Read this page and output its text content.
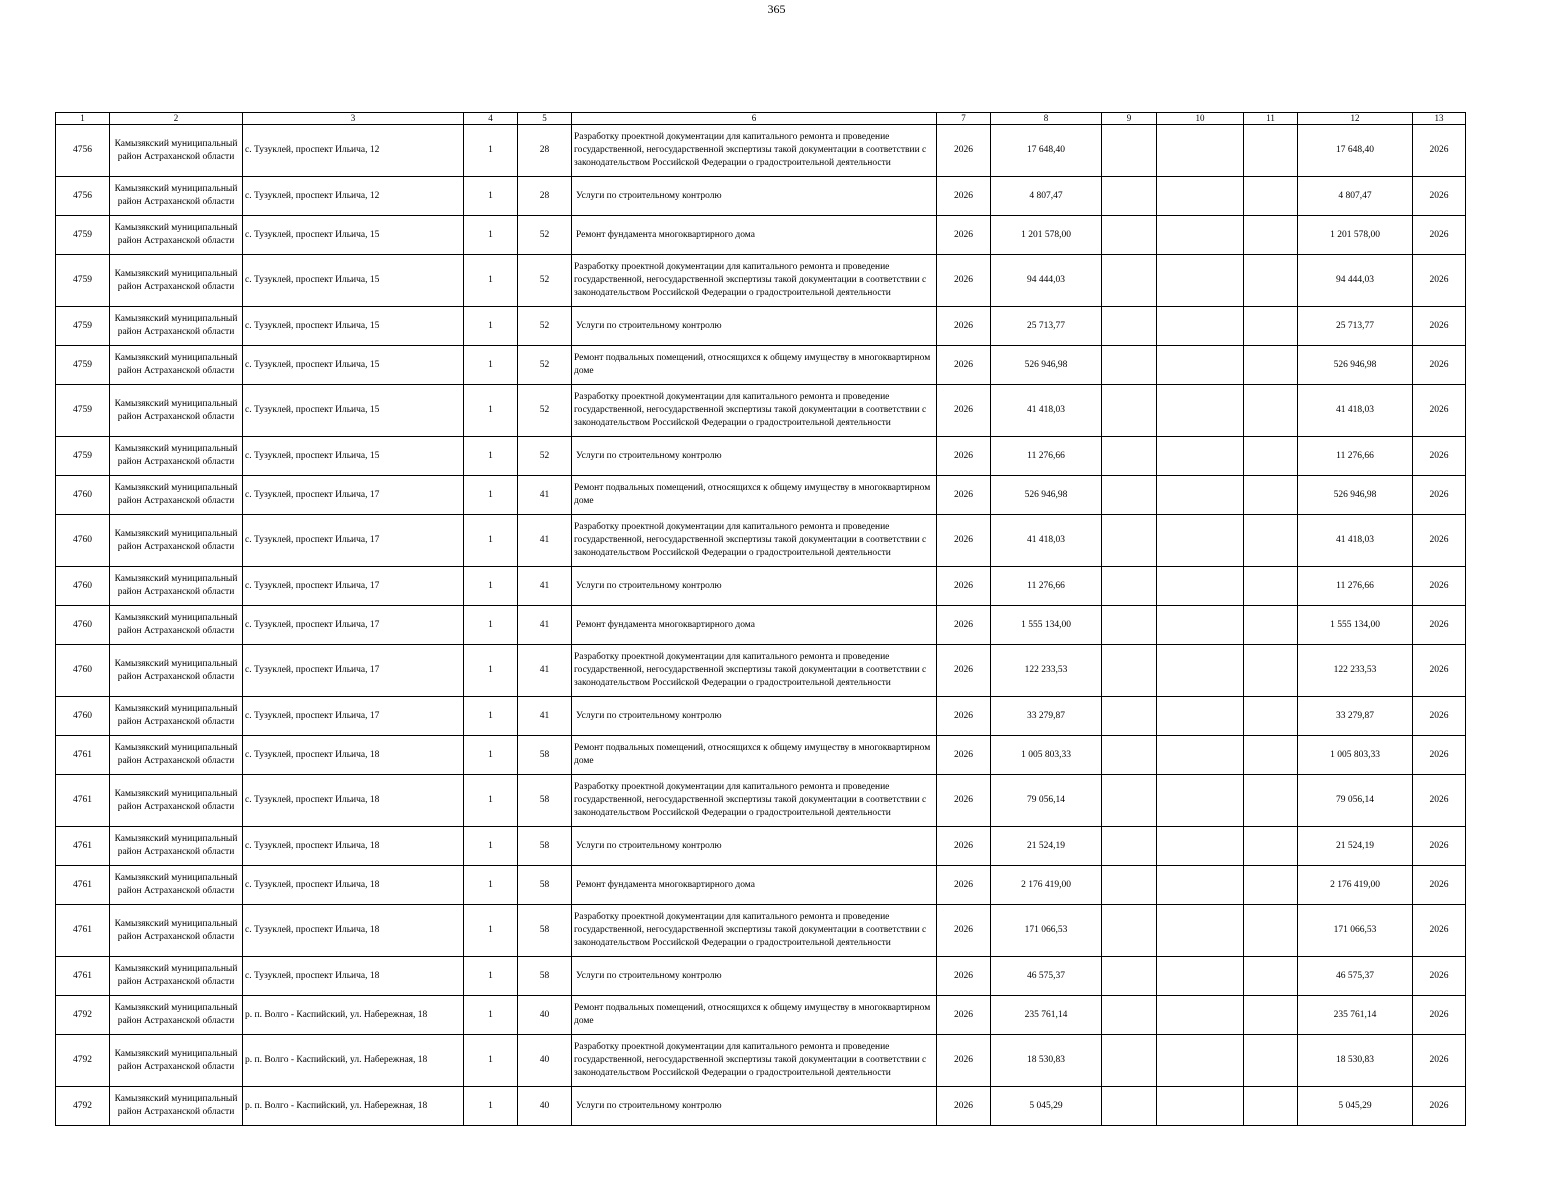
365
1	2	3	4	5	6	7	8	9	10	11	12	13
4756	Камызякский муниципальный район Астраханской области	с. Тузуклей, проспект Ильича, 12	1	28	Разработку проектной документации для капитального ремонта и проведение государственной, негосударственной экспертизы такой документации в соответствии с законодательством Российской Федерации о градостроительной деятельности	2026	17 648,40				17 648,40	2026
4756	Камызякский муниципальный район Астраханской области	с. Тузуклей, проспект Ильича, 12	1	28	Услуги по строительному контролю	2026	4 807,47				4 807,47	2026
4759	Камызякский муниципальный район Астраханской области	с. Тузуклей, проспект Ильича, 15	1	52	Ремонт фундамента многоквартирного дома	2026	1 201 578,00				1 201 578,00	2026
4759	Камызякский муниципальный район Астраханской области	с. Тузуклей, проспект Ильича, 15	1	52	Разработку проектной документации для капитального ремонта и проведение государственной, негосударственной экспертизы такой документации в соответствии с законодательством Российской Федерации о градостроительной деятельности	2026	94 444,03				94 444,03	2026
4759	Камызякский муниципальный район Астраханской области	с. Тузуклей, проспект Ильича, 15	1	52	Услуги по строительному контролю	2026	25 713,77				25 713,77	2026
4759	Камызякский муниципальный район Астраханской области	с. Тузуклей, проспект Ильича, 15	1	52	Ремонт подвальных помещений, относящихся к общему имуществу в многоквартирном доме	2026	526 946,98				526 946,98	2026
4759	Камызякский муниципальный район Астраханской области	с. Тузуклей, проспект Ильича, 15	1	52	Разработку проектной документации для капитального ремонта и проведение государственной, негосударственной экспертизы такой документации в соответствии с законодательством Российской Федерации о градостроительной деятельности	2026	41 418,03				41 418,03	2026
4759	Камызякский муниципальный район Астраханской области	с. Тузуклей, проспект Ильича, 15	1	52	Услуги по строительному контролю	2026	11 276,66				11 276,66	2026
4760	Камызякский муниципальный район Астраханской области	с. Тузуклей, проспект Ильича, 17	1	41	Ремонт подвальных помещений, относящихся к общему имуществу в многоквартирном доме	2026	526 946,98				526 946,98	2026
4760	Камызякский муниципальный район Астраханской области	с. Тузуклей, проспект Ильича, 17	1	41	Разработку проектной документации для капитального ремонта и проведение государственной, негосударственной экспертизы такой документации в соответствии с законодательством Российской Федерации о градостроительной деятельности	2026	41 418,03				41 418,03	2026
4760	Камызякский муниципальный район Астраханской области	с. Тузуклей, проспект Ильича, 17	1	41	Услуги по строительному контролю	2026	11 276,66				11 276,66	2026
4760	Камызякский муниципальный район Астраханской области	с. Тузуклей, проспект Ильича, 17	1	41	Ремонт фундамента многоквартирного дома	2026	1 555 134,00				1 555 134,00	2026
4760	Камызякский муниципальный район Астраханской области	с. Тузуклей, проспект Ильича, 17	1	41	Разработку проектной документации для капитального ремонта и проведение государственной, негосударственной экспертизы такой документации в соответствии с законодательством Российской Федерации о градостроительной деятельности	2026	122 233,53				122 233,53	2026
4760	Камызякский муниципальный район Астраханской области	с. Тузуклей, проспект Ильича, 17	1	41	Услуги по строительному контролю	2026	33 279,87				33 279,87	2026
4761	Камызякский муниципальный район Астраханской области	с. Тузуклей, проспект Ильича, 18	1	58	Ремонт подвальных помещений, относящихся к общему имуществу в многоквартирном доме	2026	1 005 803,33				1 005 803,33	2026
4761	Камызякский муниципальный район Астраханской области	с. Тузуклей, проспект Ильича, 18	1	58	Разработку проектной документации для капитального ремонта и проведение государственной, негосударственной экспертизы такой документации в соответствии с законодательством Российской Федерации о градостроительной деятельности	2026	79 056,14				79 056,14	2026
4761	Камызякский муниципальный район Астраханской области	с. Тузуклей, проспект Ильича, 18	1	58	Услуги по строительному контролю	2026	21 524,19				21 524,19	2026
4761	Камызякский муниципальный район Астраханской области	с. Тузуклей, проспект Ильича, 18	1	58	Ремонт фундамента многоквартирного дома	2026	2 176 419,00				2 176 419,00	2026
4761	Камызякский муниципальный район Астраханской области	с. Тузуклей, проспект Ильича, 18	1	58	Разработку проектной документации для капитального ремонта и проведение государственной, негосударственной экспертизы такой документации в соответствии с законодательством Российской Федерации о градостроительной деятельности	2026	171 066,53				171 066,53	2026
4761	Камызякский муниципальный район Астраханской области	с. Тузуклей, проспект Ильича, 18	1	58	Услуги по строительному контролю	2026	46 575,37				46 575,37	2026
4792	Камызякский муниципальный район Астраханской области	р. п. Волго - Каспийский, ул. Набережная, 18	1	40	Ремонт подвальных помещений, относящихся к общему имуществу в многоквартирном доме	2026	235 761,14				235 761,14	2026
4792	Камызякский муниципальный район Астраханской области	р. п. Волго - Каспийский, ул. Набережная, 18	1	40	Разработку проектной документации для капитального ремонта и проведение государственной, негосударственной экспертизы такой документации в соответствии с законодательством Российской Федерации о градостроительной деятельности	2026	18 530,83				18 530,83	2026
4792	Камызякский муниципальный район Астраханской области	р. п. Волго - Каспийский, ул. Набережная, 18	1	40	Услуги по строительному контролю	2026	5 045,29				5 045,29	2026
